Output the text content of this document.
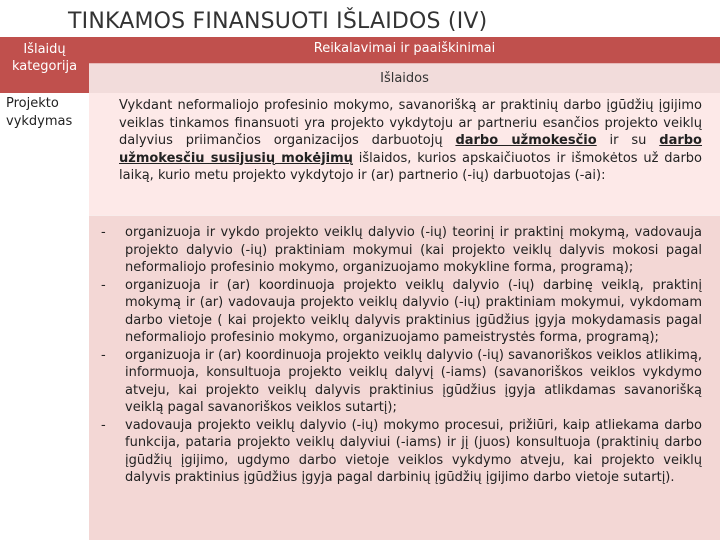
TINKAMOS FINANSUOTI IŠLAIDOS (IV)
Išlaidų kategorija
Reikalavimai ir paaiškinimai
Išlaidos
Projekto vykdymas
Vykdant neformaliojo profesinio mokymo, savanorišką ar praktinių darbo įgūdžių įgijimo veiklas tinkamos finansuoti yra projekto vykdytoju ar partneriu esančios projekto veiklų dalyvius priimančios organizacijos darbuotojų darbo užmokesčio ir su darbo užmokesčiu susijusių mokėjimų išlaidos, kurios apskaičiuotos ir išmokėtos už darbo laiką, kurio metu projekto vykdytojo ir (ar) partnerio (-ių) darbuotojas (-ai):
- organizuoja ir vykdo projekto veiklų dalyvio (-ių) teorinį ir praktinį mokymą, vadovauja projekto dalyvio (-ių) praktiniam mokymui (kai projekto veiklų dalyvis mokosi pagal neformaliojo profesinio mokymo, organizuojamo mokykline forma, programą);
- organizuoja ir (ar) koordinuoja projekto veiklų dalyvio (-ių) darbinę veiklą, praktinį mokymą ir (ar) vadovauja projekto veiklų dalyvio (-ių) praktiniam mokymui, vykdomam darbo vietoje ( kai projekto veiklų dalyvis praktinius įgūdžius įgyja mokydamasis pagal neformaliojo profesinio mokymo, organizuojamo pameistrystės forma, programą);
- organizuoja ir (ar) koordinuoja projekto veiklų dalyvio (-ių) savanoriškos veiklos atlikimą, informuoja, konsultuoja projekto veiklų dalyvį (-iams) (savanoriškos veiklos vykdymo atveju, kai projekto veiklų dalyvis praktinius įgūdžius įgyja atlikdamas savanorišką veiklą pagal savanoriškos veiklos sutartį);
- vadovauja projekto veiklų dalyvio (-ių) mokymo procesui, prižiūri, kaip atliekama darbo funkcija, pataria projekto veiklų dalyviui (-iams) ir jį (juos) konsultuoja (praktinių darbo įgūdžių įgijimo, ugdymo darbo vietoje veiklos vykdymo atveju, kai projekto veiklų dalyvis praktinius įgūdžius įgyja pagal darbinių įgūdžių įgijimo darbo vietoje sutartį).
